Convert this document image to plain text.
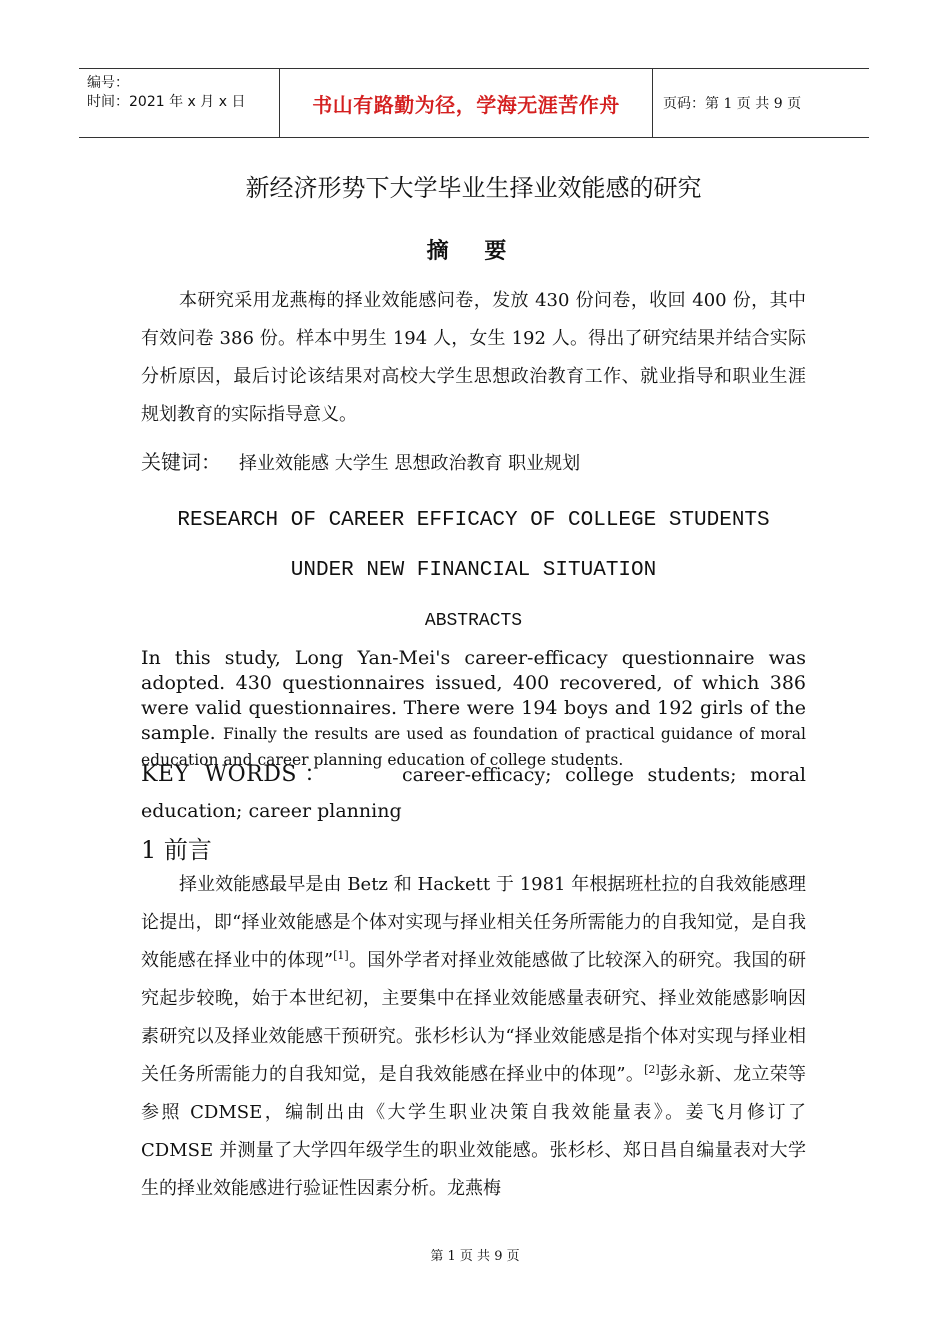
编号：
时间：2021 年 x 月 x 日	书山有路勤为径，学海无涯苦作舟	页码：第 1 页 共 9 页
新经济形势下大学毕业生择业效能感的研究
摘 要
本研究采用龙燕梅的择业效能感问卷，发放 430 份问卷，收回 400 份，其中有效问卷 386 份。样本中男生 194 人，女生 192 人。得出了研究结果并结合实际分析原因，最后讨论该结果对高校大学生思想政治教育工作、就业指导和职业生涯规划教育的实际指导意义。
关键词： 择业效能感 大学生 思想政治教育 职业规划
RESEARCH OF CAREER EFFICACY OF COLLEGE STUDENTS
UNDER NEW FINANCIAL SITUATION
ABSTRACTS
In this study, Long Yan-Mei's career-efficacy questionnaire was adopted. 430 questionnaires issued, 400 recovered, of which 386 were valid questionnaires. There were 194 boys and 192 girls of the sample. Finally the results are used as foundation of practical guidance of moral education and career planning education of college students.
KEY WORDS：	career-efficacy; college students; moral education; career planning
1 前言
择业效能感最早是由 Betz 和 Hackett 于 1981 年根据班杜拉的自我效能感理论提出，即“择业效能感是个体对实现与择业相关任务所需能力的自我知觉，是自我效能感在择业中的体现”[1]。国外学者对择业效能感做了比较深入的研究。我国的研究起步较晚，始于本世纪初，主要集中在择业效能感量表研究、择业效能感影响因素研究以及择业效能感干预研究。张杉杉认为“择业效能感是指个体对实现与择业相关任务所需能力的自我知觉，是自我效能感在择业中的体现”。[2]彭永新、龙立荣等参照 CDMSE，编制出由《大学生职业决策自我效能量表》。姜飞月修订了 CDMSE 并测量了大学四年级学生的职业效能感。张杉杉、郑日昌自编量表对大学生的择业效能感进行验证性因素分析。龙燕梅
第 1 页 共 9 页
